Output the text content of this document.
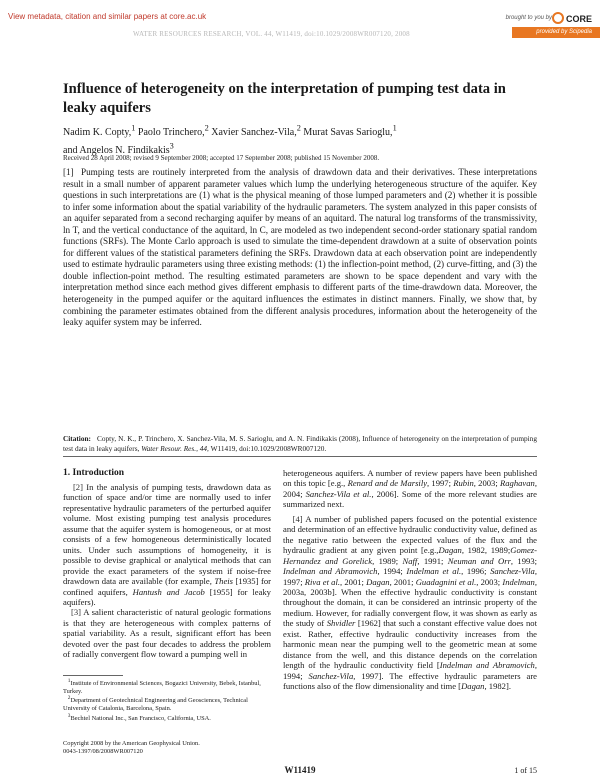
View metadata, citation and similar papers at core.ac.uk	brought to you by	CORE
provided by Scipedia
WATER RESOURCES RESEARCH, VOL. 44, W11419, doi:10.1029/2008WR007120, 2008
Influence of heterogeneity on the interpretation of pumping test data in leaky aquifers
Nadim K. Copty,$^1$ Paolo Trinchero,$^2$ Xavier Sanchez-Vila,$^2$ Murat Savas Sarioglu,$^1$
and Angelos N. Findikakis$^3$
Received 28 April 2008; revised 9 September 2008; accepted 17 September 2008; published 15 November 2008.

[1] Pumping tests are routinely interpreted from the analysis of drawdown data and their derivatives. These interpretations result in a small number of apparent parameter values which lump the underlying heterogeneous structure of the aquifer. Key questions in such interpretations are (1) what is the physical meaning of those lumped parameters and (2) whether it is possible to infer some information about the spatial variability of the hydraulic parameters. The system analyzed in this paper consists of an aquifer separated from a second recharging aquifer by means of an aquitard. The natural log transforms of the transmissivity, ln T, and the vertical conductance of the aquitard, ln C, are modeled as two independent second-order stationary spatial random functions (SRFs). The Monte Carlo approach is used to simulate the time-dependent drawdown at a suite of observation points for different values of the statistical parameters defining the SRFs. Drawdown data at each observation point are independently used to estimate hydraulic parameters using three existing methods: (1) the inflection-point method, (2) curve-fitting, and (3) the double inflection-point method. The resulting estimated parameters are shown to be space dependent and vary with the interpretation method since each method gives different emphasis to different parts of the time-drawdown data. Moreover, the heterogeneity in the pumped aquifer or the aquitard influences the estimates in distinct manners. Finally, we show that, by combining the parameter estimates obtained from the different analysis procedures, information about the heterogeneity of the leaky aquifer system may be inferred.

Citation: Copty, N. K., P. Trinchero, X. Sanchez-Vila, M. S. Sarioglu, and A. N. Findikakis (2008), Influence of heterogeneity on the interpretation of pumping test data in leaky aquifers, Water Resour. Res., 44, W11419, doi:10.1029/2008WR007120.
1. Introduction

[2] In the analysis of pumping tests, drawdown data as function of space and/or time are normally used to infer representative hydraulic parameters of the perturbed aquifer volume. Most existing pumping test analysis procedures assume that the aquifer system is homogeneous, or at most consists of a few homogeneous deterministically located units. Under such assumptions of homogeneity, it is possible to devise graphical or analytical methods that can provide the exact parameters of the system if noise-free drawdown data are available (for example, Theis [1935] for confined aquifers, Hantush and Jacob [1955] for leaky aquifers).

[3] A salient characteristic of natural geologic formations is that they are heterogeneous with complex patterns of spatial variability. As a result, significant effort has been devoted over the past four decades to address the problem of radially convergent flow toward a pumping well in

heterogeneous aquifers. A number of review papers have been published on this topic [e.g., Renard and de Marsily, 1997; Rubin, 2003; Raghavan, 2004; Sanchez-Vila et al., 2006]. Some of the more relevant studies are summarized next.

[4] A number of published papers focused on the potential existence and determination of an effective hydraulic conductivity value, defined as the negative ratio between the expected values of the flux and the hydraulic gradient at any given point [e.g.,Dagan, 1982, 1989;Gomez-Hernandez and Gorelick, 1989; Naff, 1991; Neuman and Orr, 1993; Indelman and Abramovich, 1994; Indelman et al., 1996; Sanchez-Vila, 1997; Riva et al., 2001; Dagan, 2001; Guadagnini et al., 2003; Indelman, 2003a, 2003b]. When the effective hydraulic conductivity is constant throughout the domain, it can be considered an intrinsic property of the medium. However, for radially convergent flow, it was shown as early as the study of Shvidler [1962] that such a constant effective value does not exist. Rather, effective hydraulic conductivity increases from the harmonic mean near the pumping well to the geometric mean at some distance from the well, and this distance depends on the correlation length of the hydraulic conductivity field [Indelman and Abramovich, 1994; Sanchez-Vila, 1997]. The effective hydraulic parameters are functions also of the flow dimensionality and time [Dagan, 1982].

$^1$Institute of Environmental Sciences, Bogazici University, Bebek, Istanbul, Turkey.
$^2$Department of Geotechnical Engineering and Geosciences, Technical University of Catalonia, Barcelona, Spain.
$^3$Bechtel National Inc., San Francisco, California, USA.
Copyright 2008 by the American Geophysical Union.
0043-1397/08/2008WR007120
W11419	1 of 15
